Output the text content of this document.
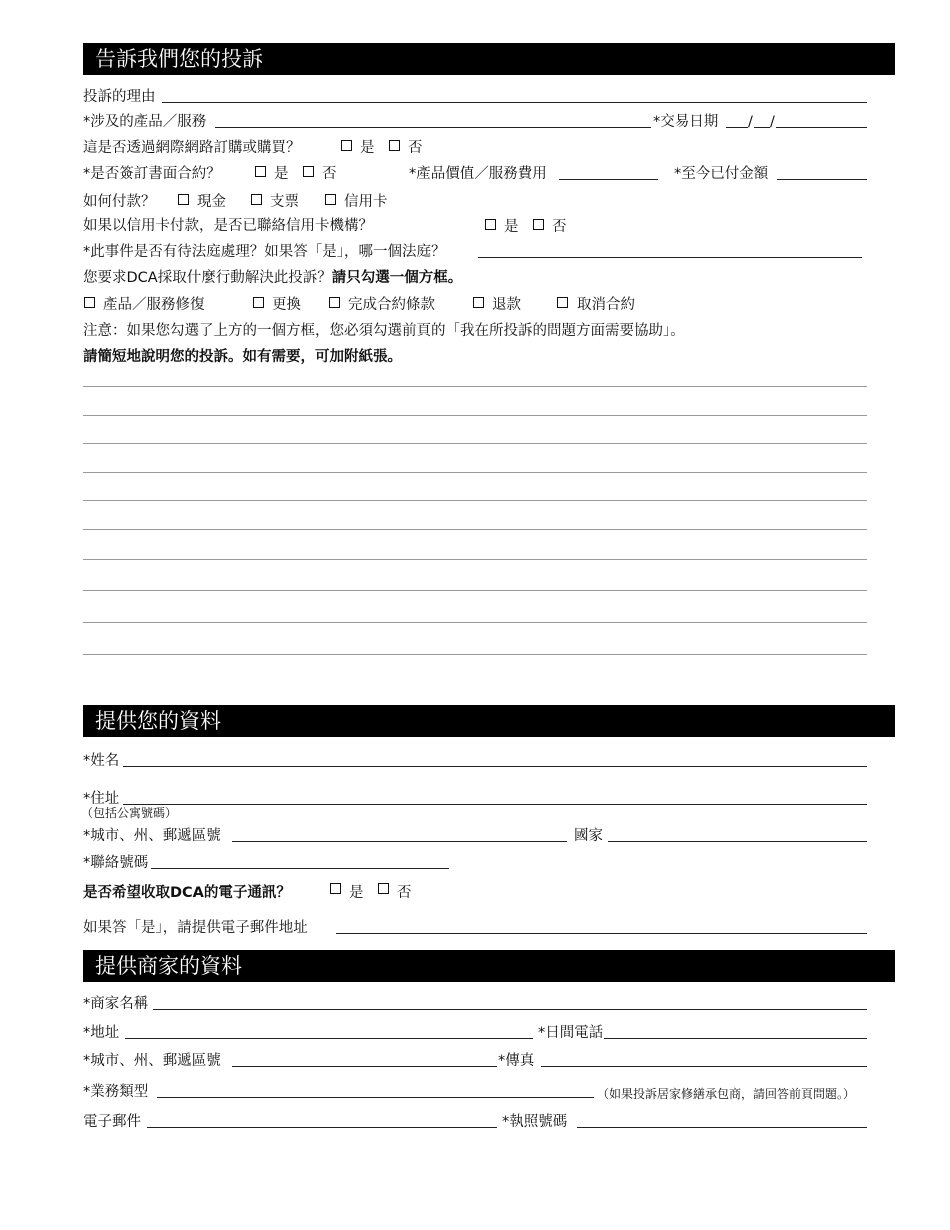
告訴我們您的投訴
投訴的理由
*涉及的產品／服務	*交易日期 / /
這是否透過網際網路訂購或購買？	是 否
*是否簽訂書面合約？	是 否	*產品價值／服務費用	*至今已付金額
如何付款？	現金	支票	信用卡
如果以信用卡付款，是否已聯絡信用卡機構？	是 否
*此事件是否有待法庭處理？如果答「是」，哪一個法庭？
您要求DCA採取什麼行動解決此投訴？請只勾選一個方框。
產品／服務修復	更換	完成合約條款	退款	取消合約
注意：如果您勾選了上方的一個方框，您必須勾選前頁的「我在所投訴的問題方面需要協助」。
請簡短地說明您的投訴。如有需要，可加附紙張。
提供您的資料
*姓名
*住址
（包括公寓號碼）
*城市、州、郵遞區號	國家
*聯絡號碼
是否希望收取DCA的電子通訊？	是 否
如果答「是」，請提供電子郵件地址
提供商家的資料
*商家名稱
*地址	*日間電話
*城市、州、郵遞區號	*傳真
*業務類型	（如果投訴居家修繕承包商，請回答前頁問題。）
電子郵件	*執照號碼
